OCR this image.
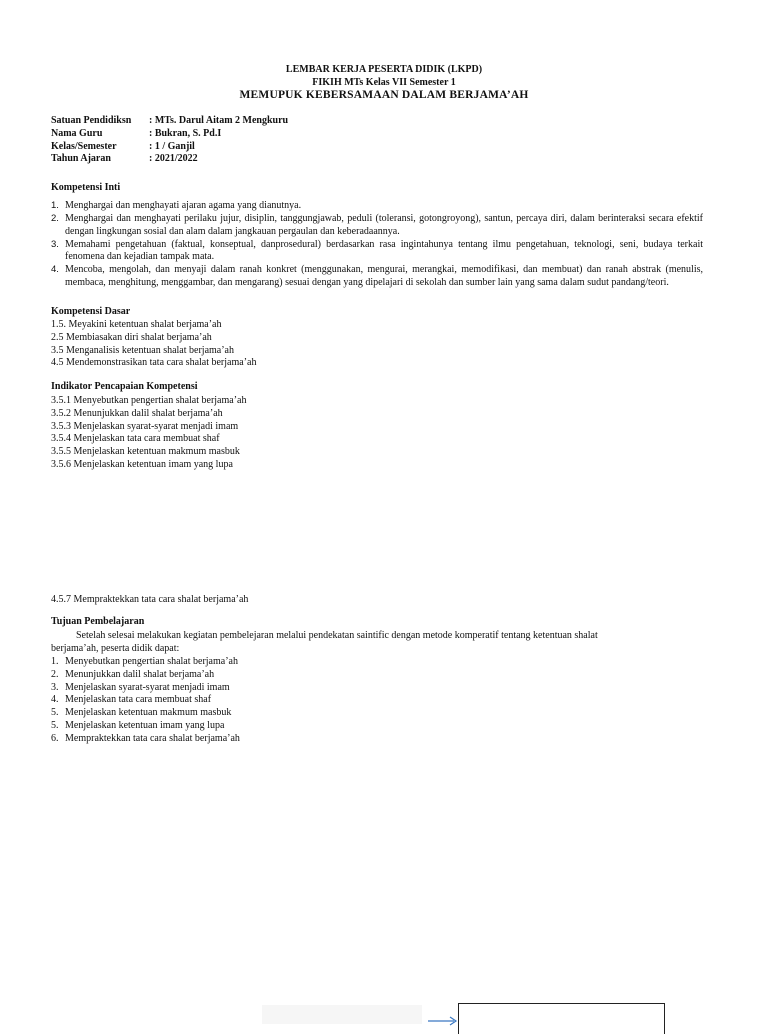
LEMBAR KERJA PESERTA DIDIK (LKPD)
FIKIH MTs Kelas VII Semester 1
MEMUPUK KEBERSAMAAN DALAM BERJAMA’AH
Satuan Pendidiksn : MTs. Darul Aitam 2 Mengkuru
Nama Guru	: Bukran, S. Pd.I
Kelas/Semester	: 1 / Ganjil
Tahun Ajaran	: 2021/2022
Kompetensi Inti
1. Menghargai dan menghayati ajaran agama yang dianutnya.
2. Menghargai dan menghayati perilaku jujur, disiplin, tanggungjawab, peduli (toleransi, gotongroyong), santun, percaya diri, dalam berinteraksi secara efektif dengan lingkungan sosial dan alam dalam jangkauan pergaulan dan keberadaannya.
3. Memahami pengetahuan (faktual, konseptual, danprosedural) berdasarkan rasa ingintahunya tentang ilmu pengetahuan, teknologi, seni, budaya terkait fenomena dan kejadian tampak mata.
4. Mencoba, mengolah, dan menyaji dalam ranah konkret (menggunakan, mengurai, merangkai, memodifikasi, dan membuat) dan ranah abstrak (menulis, membaca, menghitung, menggambar, dan mengarang) sesuai dengan yang dipelajari di sekolah dan sumber lain yang sama dalam sudut pandang/teori.
Kompetensi Dasar
1.5. Meyakini ketentuan shalat berjama’ah
2.5 Membiasakan diri shalat berjama’ah
3.5 Menganalisis ketentuan shalat berjama’ah
4.5 Mendemonstrasikan tata cara shalat berjama’ah
Indikator Pencapaian Kompetensi
3.5.1 Menyebutkan pengertian shalat berjama’ah
3.5.2 Menunjukkan dalil shalat berjama’ah
3.5.3 Menjelaskan syarat-syarat menjadi imam
3.5.4 Menjelaskan tata cara membuat shaf
3.5.5 Menjelaskan ketentuan makmum masbuk
3.5.6 Menjelaskan ketentuan imam yang lupa
4.5.7 Mempraktekkan tata cara shalat berjama’ah
Tujuan Pembelajaran
Setelah selesai melakukan kegiatan pembelejaran melalui pendekatan saintific dengan metode komperatif tentang ketentuan shalat
berjama’ah, peserta didik dapat:
1. Menyebutkan pengertian shalat berjama’ah
2. Menunjukkan dalil shalat berjama’ah
3. Menjelaskan syarat-syarat menjadi imam
4. Menjelaskan tata cara membuat shaf
5. Menjelaskan ketentuan makmum masbuk
5. Menjelaskan ketentuan imam yang lupa
6. Mempraktekkan tata cara shalat berjama’ah
